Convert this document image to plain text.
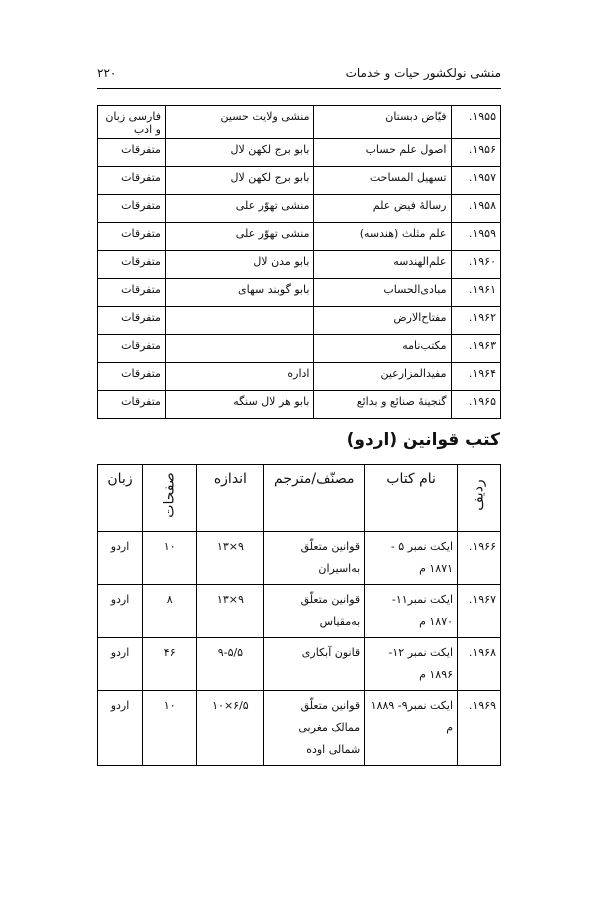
منشی نولکشور حیات و خدمات
۲۲۰
۱۹۵۵.	فیّاض دبستان	منشی ولایت حسین	فارسی زبان و ادب
۱۹۵۶.	اصول علم حساب	بابو برج لکهن لال	متفرقات
۱۹۵۷.	تسهیل المساحت	بابو برج لکهن لال	متفرقات
۱۹۵۸.	رسالۀ فیض علم	منشی تهوّر علی	متفرقات
۱۹۵۹.	علم مثلث (هندسه)	منشی تهوّر علی	متفرقات
۱۹۶۰.	علم‌الهندسه	بابو مدن لال	متفرقات
۱۹۶۱.	مبادی‌الحساب	بابو گوبند سهای	متفرقات
۱۹۶۲.	مفتاح‌الارض		متفرقات
۱۹۶۳.	مکتب‌نامه		متفرقات
۱۹۶۴.	مفیدالمزارعین	اداره	متفرقات
۱۹۶۵.	گنجینۀ صنائع و بدائع	بابو هر لال سنگه	متفرقات
کتب قوانین (اردو)
ردیف	نام کتاب	مصنّف/مترجم	اندازه	صفحات	زبان
۱۹۶۶.	ایکت نمبر ۵ - ۱۸۷۱ م	قوانین متعلّق به‌اسیران	۹×۱۳	۱۰	اردو
۱۹۶۷.	ایکت نمبر۱۱- ۱۸۷۰ م	قوانین متعلّق به‌مقیاس	۹×۱۳	۸	اردو
۱۹۶۸.	ایکت نمبر ۱۲- ۱۸۹۶ م	قانون آبکاری	۹-۵/۵	۴۶	اردو
۱۹۶۹.	ایکت نمبر۹- ۱۸۸۹ م	قوانین متعلّق ممالک مغربی شمالی اوده	۶/۵×۱۰	۱۰	اردو
